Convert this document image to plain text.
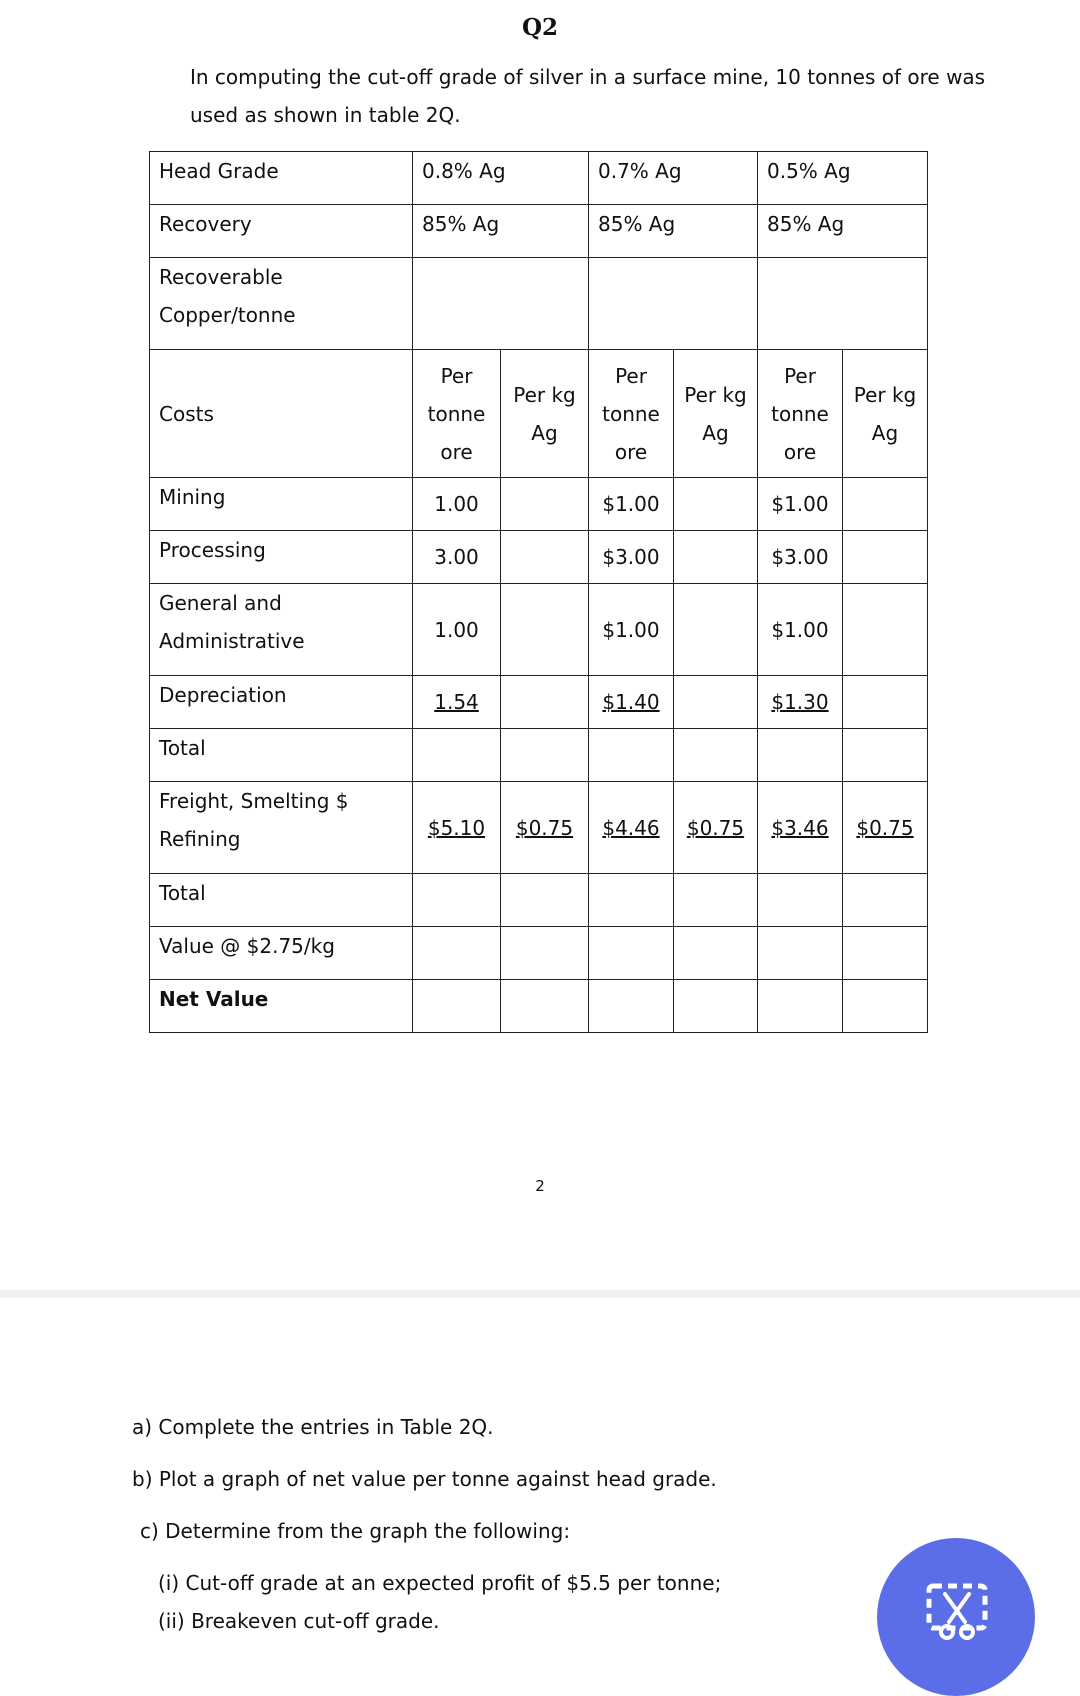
Q2
In computing the cut-off grade of silver in a surface mine, 10 tonnes of ore was used as shown in table 2Q.
Head Grade	0.8% Ag		0.7% Ag		0.5% Ag	
Recovery	85% Ag		85% Ag		85% Ag	
Recoverable Copper/tonne						
Costs	Per tonne ore	Per kg Ag	Per tonne ore	Per kg Ag	Per tonne ore	Per kg Ag
Mining	1.00		$1.00		$1.00	
Processing	3.00		$3.00		$3.00	
General and Administrative	1.00		$1.00		$1.00	
Depreciation	1.54		$1.40		$1.30	
Total						
Freight, Smelting $ Refining	$5.10	$0.75	$4.46	$0.75	$3.46	$0.75
Total						
Value @ $2.75/kg						
Net Value						
2
a) Complete the entries in Table 2Q.
b) Plot a graph of net value per tonne against head grade.
c) Determine from the graph the following:
(i) Cut-off grade at an expected profit of $5.5 per tonne;
(ii) Breakeven cut-off grade.
